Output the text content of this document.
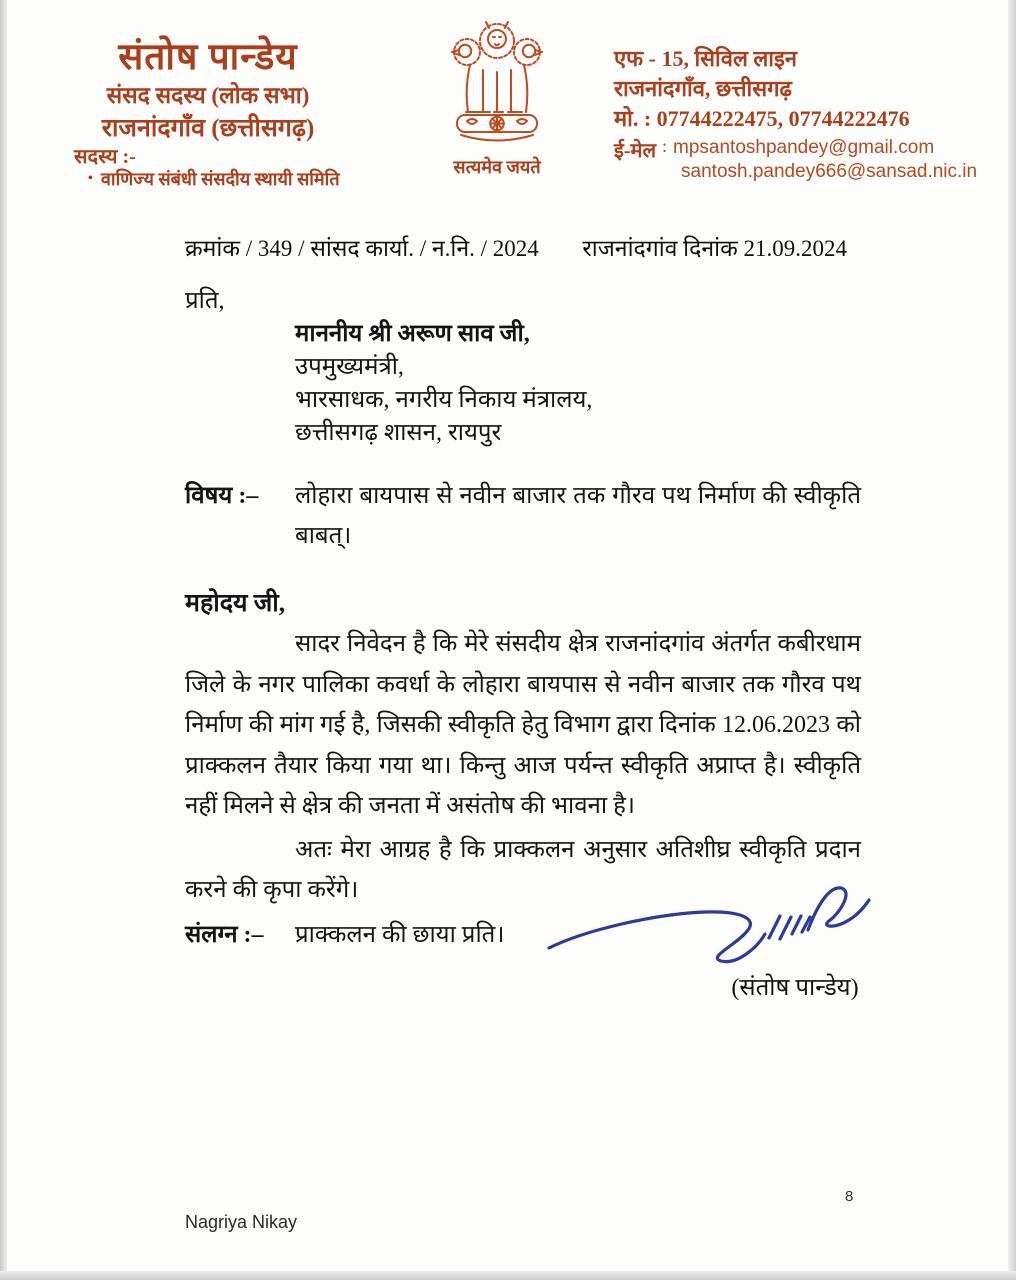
संतोष पान्डेय
संसद सदस्य (लोक सभा)
राजनांदगाँव (छत्तीसगढ़)
सदस्य :-
• वाणिज्य संबंधी संसदीय स्थायी समिति
सत्यमेव जयते
एफ - 15, सिविल लाइन
राजनांदगाँव, छत्तीसगढ़
मो. : 07744222475, 07744222476
ई-मेल : mpsantoshpandey@gmail.com
santosh.pandey666@sansad.nic.in
क्रमांक / 349 / सांसद कार्या. / न.नि. / 2024 राजनांदगांव दिनांक 21.09.2024
प्रति,
माननीय श्री अरूण साव जी,
उपमुख्यमंत्री,
भारसाधक, नगरीय निकाय मंत्रालय,
छत्तीसगढ़ शासन, रायपुर
विषय :–	लोहारा बायपास से नवीन बाजार तक गौरव पथ निर्माण की स्वीकृति बाबत्।
महोदय जी,
सादर निवेदन है कि मेरे संसदीय क्षेत्र राजनांदगांव अंतर्गत कबीरधाम जिले के नगर पालिका कवर्धा के लोहारा बायपास से नवीन बाजार तक गौरव पथ निर्माण की मांग गई है, जिसकी स्वीकृति हेतु विभाग द्वारा दिनांक 12.06.2023 को प्राक्कलन तैयार किया गया था। किन्तु आज पर्यन्त स्वीकृति अप्राप्त है। स्वीकृति नहीं मिलने से क्षेत्र की जनता में असंतोष की भावना है।
अतः मेरा आग्रह है कि प्राक्कलन अनुसार अतिशीघ्र स्वीकृति प्रदान करने की कृपा करेंगे।
संलग्न :–	प्राक्कलन की छाया प्रति।
(संतोष पान्डेय)
8
Nagriya Nikay
